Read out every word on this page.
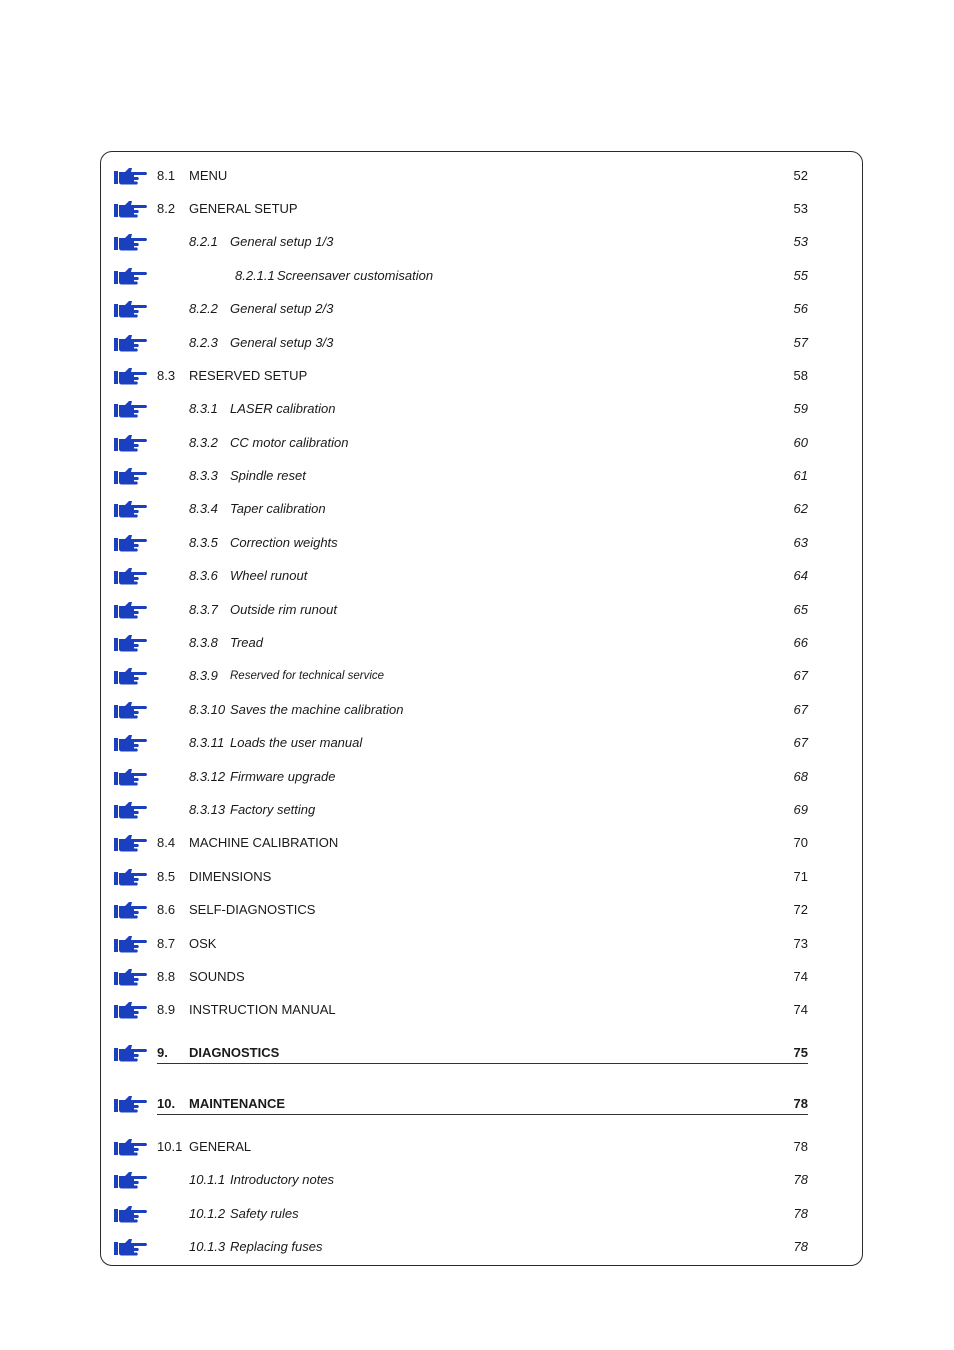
8.1 MENU	52
8.2 GENERAL SETUP	53
8.2.1 General setup 1/3	53
8.2.1.1 Screensaver customisation	55
8.2.2 General setup 2/3	56
8.2.3 General setup 3/3	57
8.3 RESERVED SETUP	58
8.3.1 LASER calibration	59
8.3.2 CC motor calibration	60
8.3.3 Spindle reset	61
8.3.4 Taper calibration	62
8.3.5 Correction weights	63
8.3.6 Wheel runout	64
8.3.7 Outside rim runout	65
8.3.8 Tread	66
8.3.9 Reserved for technical service	67
8.3.10 Saves the machine calibration	67
8.3.11 Loads the user manual	67
8.3.12 Firmware upgrade	68
8.3.13 Factory setting	69
8.4 MACHINE CALIBRATION	70
8.5 DIMENSIONS	71
8.6 SELF-DIAGNOSTICS	72
8.7 OSK	73
8.8 SOUNDS	74
8.9 INSTRUCTION MANUAL	74
9. DIAGNOSTICS	75
10. MAINTENANCE	78
10.1 GENERAL	78
10.1.1 Introductory notes	78
10.1.2 Safety rules	78
10.1.3 Replacing fuses	78
